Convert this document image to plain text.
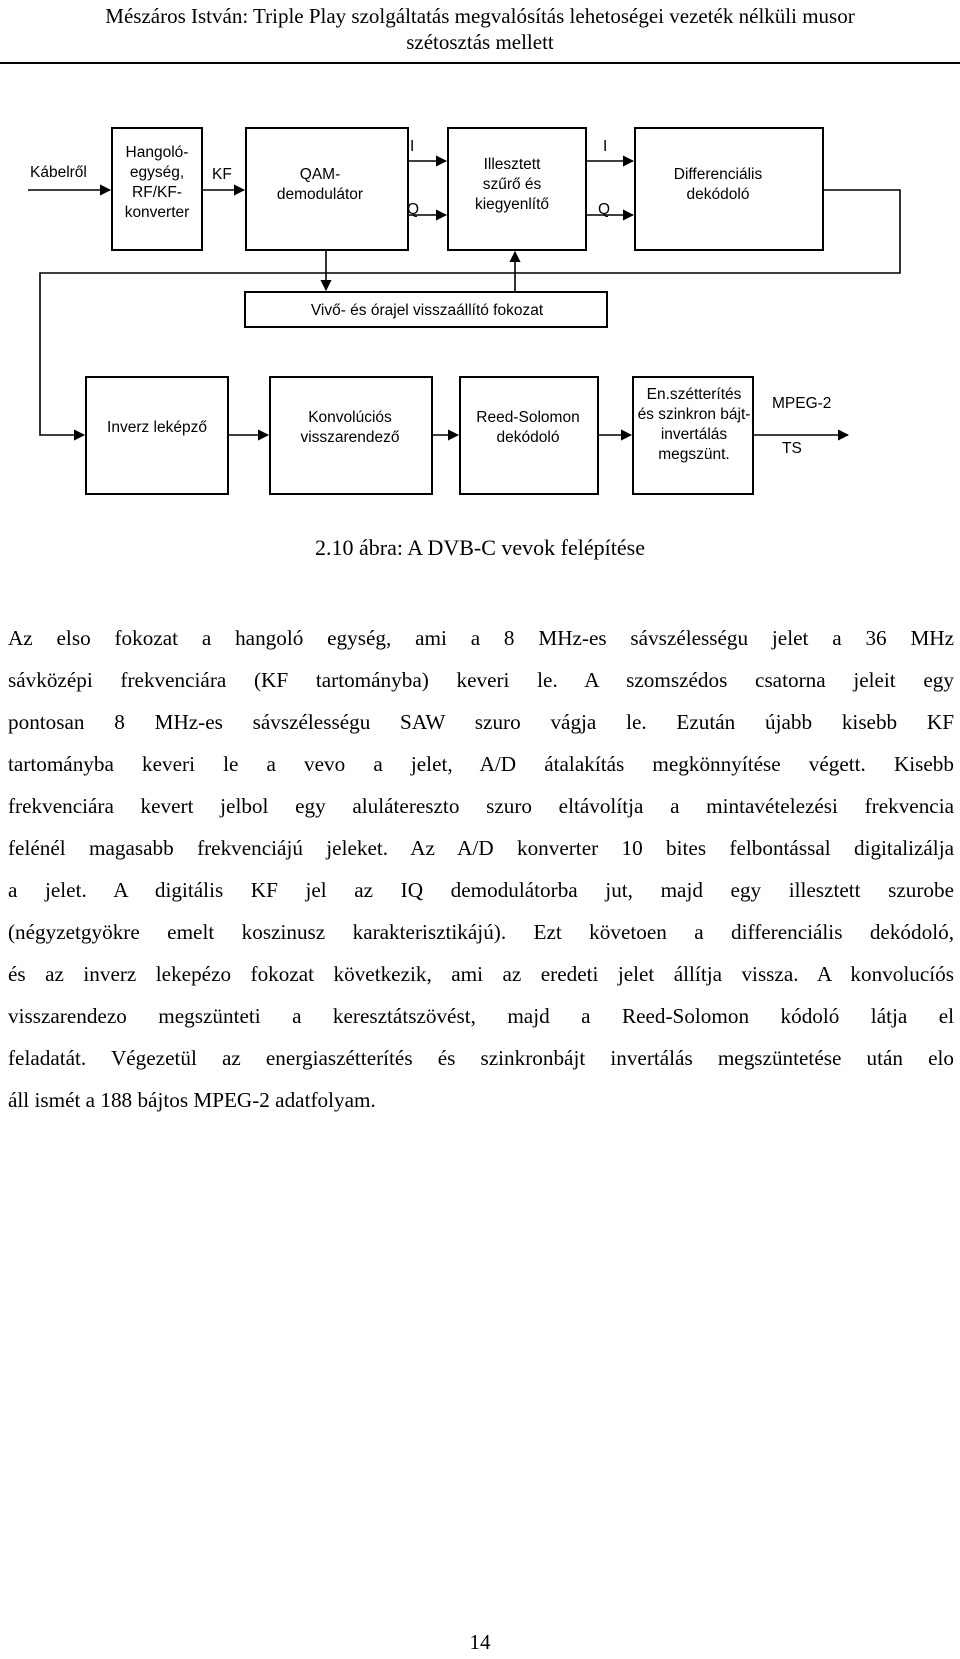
Mészáros István: Triple Play szolgáltatás megvalósítás lehetoségei vezeték nélküli musor
szétosztás mellett
Kábelről	KF
I
Q
I
Q
Hangoló-
egység,
RF/KF-
konverter
QAM-
demodulátor
Illesztett
szűrő és
kiegyenlítő
Differenciális
dekódoló
Vivő- és órajel visszaállító fokozat
Inverz leképző
Konvolúciós
visszarendező
Reed-Solomon
dekódoló
En.szétterítés
és szinkron bájt-
invertálás
megszünt.
MPEG-2
TS
2.10 ábra: A DVB-C vevok felépítése
Az elso fokozat a hangoló egység, ami a 8 MHz-es sávszélességu jelet a 36 MHz
sávközépi frekvenciára (KF tartományba) keveri le. A szomszédos csatorna jeleit egy
pontosan 8 MHz-es sávszélességu SAW szuro vágja le. Ezután újabb kisebb KF
tartományba keveri le a vevo a jelet, A/D átalakítás megkönnyítése végett. Kisebb
frekvenciára kevert jelbol egy aluláteresztо szuro eltávolítja a mintavételezési frekvencia
felénél magasabb frekvenciájú jeleket. Az A/D konverter 10 bites felbontással digitalizálja
a jelet. A digitális KF jel az IQ demodulátorba jut, majd egy illesztett szurobe
(négyzetgyökre emelt koszinusz karakterisztikájú). Ezt követoen a differenciális dekódoló,
és az inverz lekepézo fokozat következik, ami az eredeti jelet állítja vissza. A konvolucíós
visszarendezo megszünteti a keresztátszövést, majd a Reed-Solomon kódoló látja el
feladatát. Végezetül az energiaszétterítés és szinkronbájt invertálás megszüntetése után elo
áll ismét a 188 bájtos MPEG-2 adatfolyam.
14
